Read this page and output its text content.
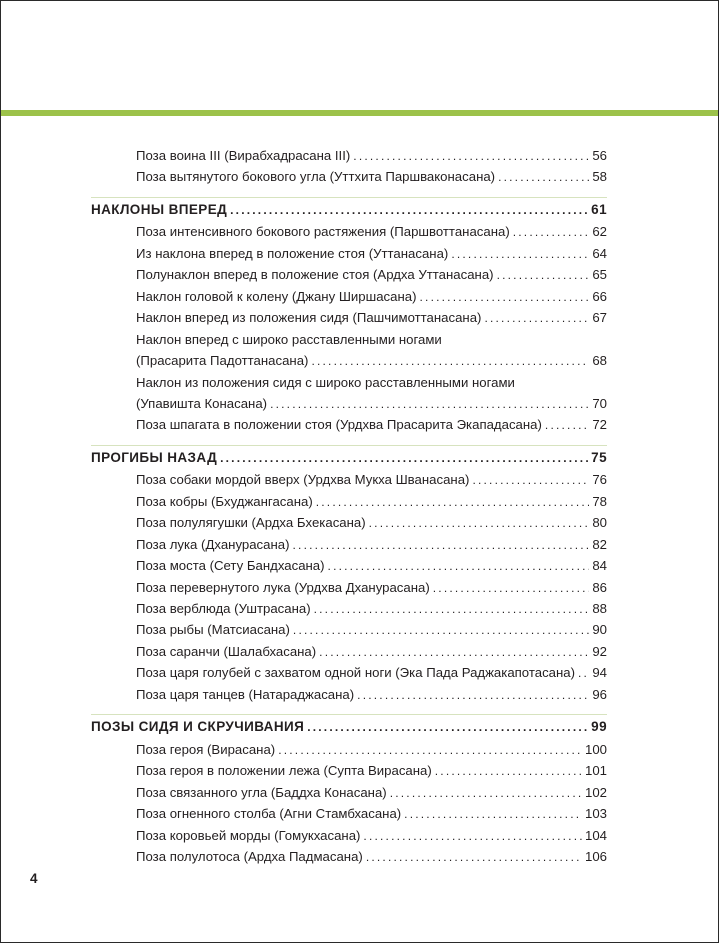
Поза воина III (Вирабхадрасана III) .....	56
Поза вытянутого бокового угла (Уттхита Паршваконасана) .....	58
НАКЛОНЫ ВПЕРЕД .....	61
Поза интенсивного бокового растяжения (Паршвоттанасана) .....	62
Из наклона вперед в положение стоя (Уттанасана) .....	64
Полунаклон вперед в положение стоя (Ардха Уттанасана) .....	65
Наклон головой к колену (Джану Ширшасана) .....	66
Наклон вперед из положения сидя (Пашчимоттанасана) .....	67
Наклон вперед с широко расставленными ногами
(Прасарита Падоттанасана) .....	68
Наклон из положения сидя с широко расставленными ногами
(Упавишта Конасана) .....	70
Поза шпагата в положении стоя (Урдхва Прасарита Экападасана) .....	72
ПРОГИБЫ НАЗАД .....	75
Поза собаки мордой вверх (Урдхва Мукха Шванасана) .....	76
Поза кобры (Бхуджангасана) .....	78
Поза полулягушки (Ардха Бхекасана) .....	80
Поза лука (Дханурасана) .....	82
Поза моста (Сету Бандхасана) .....	84
Поза перевернутого лука (Урдхва Дханурасана) .....	86
Поза верблюда (Уштрасана) .....	88
Поза рыбы (Матсиасана) .....	90
Поза саранчи (Шалабхасана) .....	92
Поза царя голубей с захватом одной ноги (Эка Пада Раджакапотасана) ..... 94
Поза царя танцев (Натараджасана) .....	96
ПОЗЫ СИДЯ И СКРУЧИВАНИЯ .....	99
Поза героя (Вирасана) .....	100
Поза героя в положении лежа (Супта Вирасана) .....	101
Поза связанного угла (Баддха Конасана) .....	102
Поза огненного столба (Агни Стамбхасана) .....	103
Поза коровьей морды (Гомукхасана) .....	104
Поза полулотоса (Ардха Падмасана) .....	106
4
